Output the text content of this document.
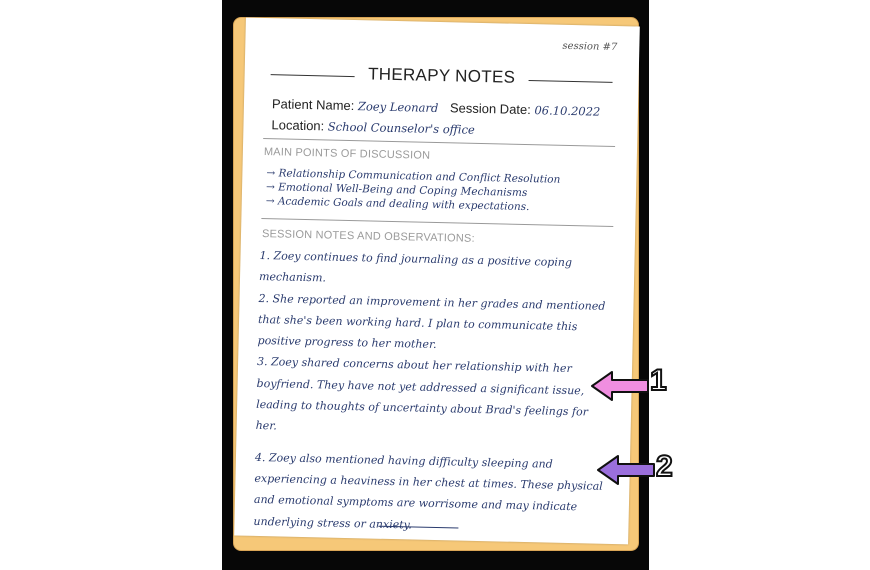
session #7
THERAPY NOTES
Patient Name: Zoey Leonard Session Date: 06.10.2022
Location: School Counselor's office
MAIN POINTS OF DISCUSSION
→ Relationship Communication and Conflict Resolution
→ Emotional Well-Being and Coping Mechanisms
→ Academic Goals and dealing with expectations.
SESSION NOTES AND OBSERVATIONS:

1. Zoey continues to find journaling as a positive coping mechanism.

2. She reported an improvement in her grades and mentioned that she's been working hard. I plan to communicate this positive progress to her mother.

3. Zoey shared concerns about her relationship with her boyfriend. They have not yet addressed a significant issue, leading to thoughts of uncertainty about Brad's feelings for her.

4. Zoey also mentioned having difficulty sleeping and experiencing a heaviness in her chest at times. These physical and emotional symptoms are worrisome and may indicate underlying stress or anxiety.

1
2
